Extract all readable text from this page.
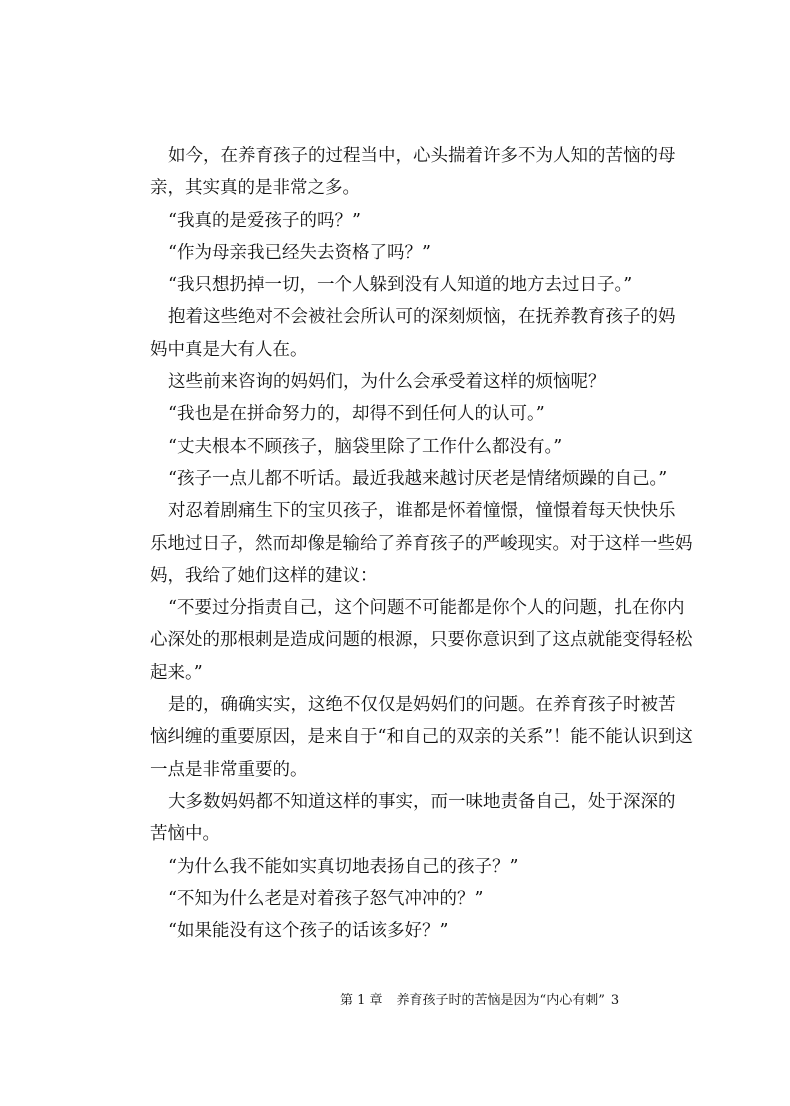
如今，在养育孩子的过程当中，心头揣着许多不为人知的苦恼的母
亲，其实真的是非常之多。
“我真的是爱孩子的吗？”
“作为母亲我已经失去资格了吗？”
“我只想扔掉一切，一个人躲到没有人知道的地方去过日子。”
抱着这些绝对不会被社会所认可的深刻烦恼，在抚养教育孩子的妈
妈中真是大有人在。
这些前来咨询的妈妈们，为什么会承受着这样的烦恼呢？
“我也是在拼命努力的，却得不到任何人的认可。”
“丈夫根本不顾孩子，脑袋里除了工作什么都没有。”
“孩子一点儿都不听话。最近我越来越讨厌老是情绪烦躁的自己。”
对忍着剧痛生下的宝贝孩子，谁都是怀着憧憬，憧憬着每天快快乐
乐地过日子，然而却像是输给了养育孩子的严峻现实。对于这样一些妈
妈，我给了她们这样的建议：
“不要过分指责自己，这个问题不可能都是你个人的问题，扎在你内
心深处的那根刺是造成问题的根源，只要你意识到了这点就能变得轻松
起来。”
是的，确确实实，这绝不仅仅是妈妈们的问题。在养育孩子时被苦
恼纠缠的重要原因，是来自于“和自己的双亲的关系”！能不能认识到这
一点是非常重要的。
大多数妈妈都不知道这样的事实，而一味地责备自己，处于深深的
苦恼中。
“为什么我不能如实真切地表扬自己的孩子？”
“不知为什么老是对着孩子怒气冲冲的？”
“如果能没有这个孩子的话该多好？”
第 1 章 养育孩子时的苦恼是因为“内心有刺” 3
